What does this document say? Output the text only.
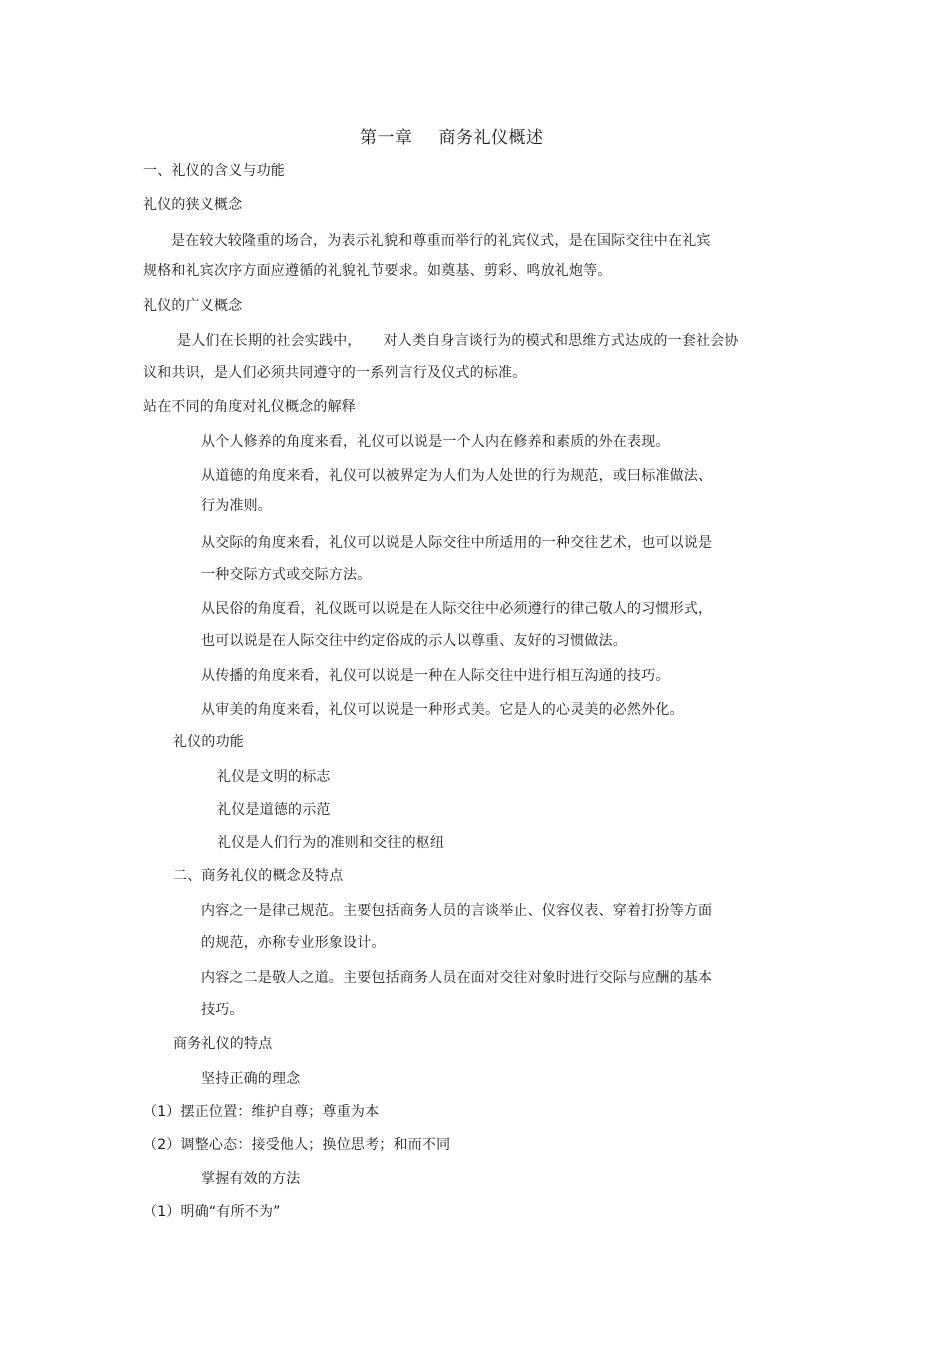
第一章 商务礼仪概述
一、礼仪的含义与功能
礼仪的狭义概念
是在较大较隆重的场合，为表示礼貌和尊重而举行的礼宾仪式，是在国际交往中在礼宾
规格和礼宾次序方面应遵循的礼貌礼节要求。如奠基、剪彩、鸣放礼炮等。
礼仪的广义概念
是人们在长期的社会实践中， 对人类自身言谈行为的模式和思维方式达成的一套社会协
议和共识，是人们必须共同遵守的一系列言行及仪式的标准。
站在不同的角度对礼仪概念的解释
从个人修养的角度来看，礼仪可以说是一个人内在修养和素质的外在表现。
从道德的角度来看，礼仪可以被界定为人们为人处世的行为规范，或曰标准做法、
行为准则。
从交际的角度来看，礼仪可以说是人际交往中所适用的一种交往艺术，也可以说是
一种交际方式或交际方法。
从民俗的角度看，礼仪既可以说是在人际交往中必须遵行的律己敬人的习惯形式，
也可以说是在人际交往中约定俗成的示人以尊重、友好的习惯做法。
从传播的角度来看，礼仪可以说是一种在人际交往中进行相互沟通的技巧。
从审美的角度来看，礼仪可以说是一种形式美。它是人的心灵美的必然外化。
礼仪的功能
礼仪是文明的标志
礼仪是道德的示范
礼仪是人们行为的准则和交往的枢纽
二、商务礼仪的概念及特点
内容之一是律己规范。主要包括商务人员的言谈举止、仪容仪表、穿着打扮等方面
的规范，亦称专业形象设计。
内容之二是敬人之道。主要包括商务人员在面对交往对象时进行交际与应酬的基本
技巧。
商务礼仪的特点
坚持正确的理念
（1）摆正位置：维护自尊；尊重为本
（2）调整心态：接受他人；换位思考；和而不同
掌握有效的方法
（1）明确“有所不为”
